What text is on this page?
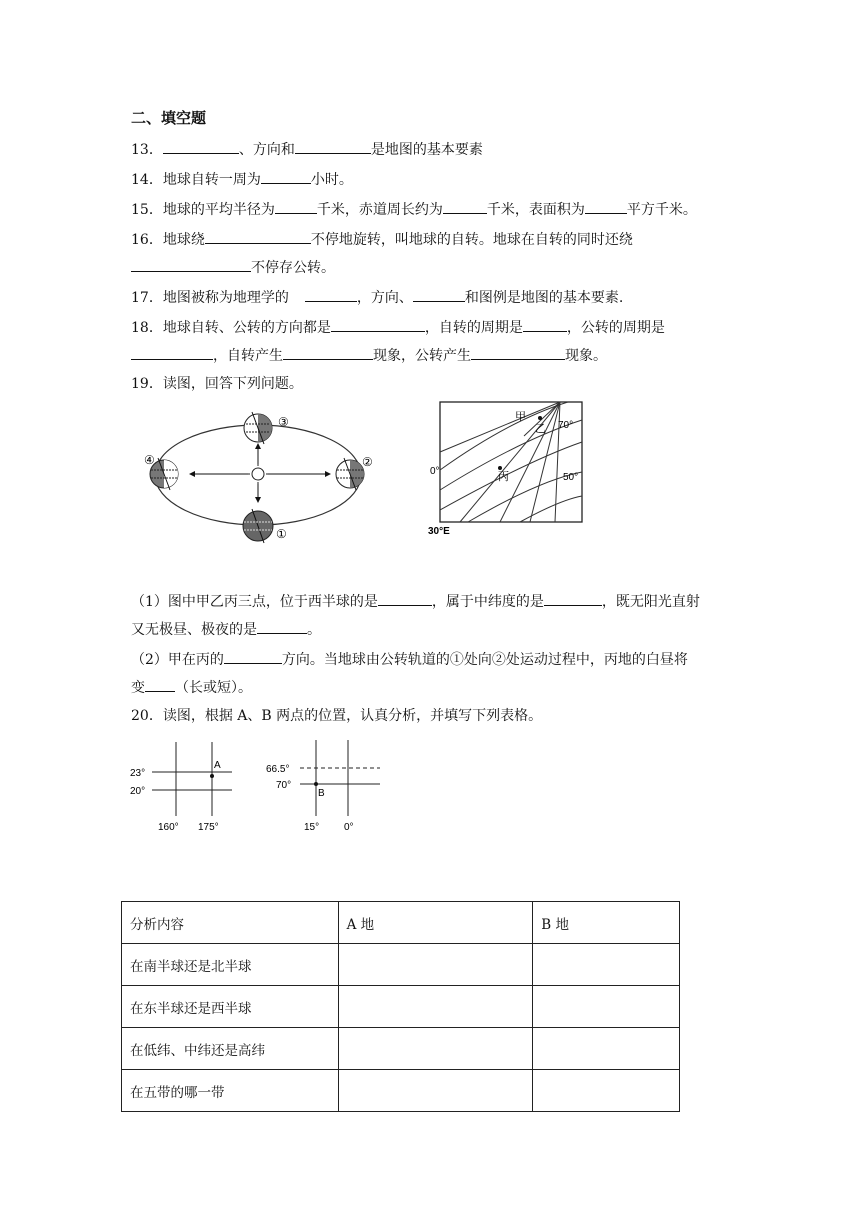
二、填空题
13．	、方向和	是地图的基本要素
14．地球自转一周为	小时。
15．地球的平均半径为	千米，赤道周长约为	千米，表面积为	平方千米。
16．地球绕	不停地旋转，叫地球的自转。地球在自转的同时还绕
不停存公转。
17．地图被称为地理学的	，方向、	和图例是地图的基本要素.
18．地球自转、公转的方向都是	，自转的周期是	，公转的周期是
，自转产生	现象，公转产生	现象。
19．读图，回答下列问题。
③
①
④	②
甲
乙
丙
70°
50°
0°
30°E
（1）图中甲乙丙三点，位于西半球的是	，属于中纬度的是	，既无阳光直射
又无极昼、极夜的是	。
（2）甲在丙的	方向。当地球由公转轨道的①处向②处运动过程中，丙地的白昼将
变 （长或短）。
20．读图，根据 A、B 两点的位置，认真分析，并填写下列表格。
A
23°
20°
160° 175°
B
66.5°
70°
15° 0°
分析内容	A 地	B 地
在南半球还是北半球		
在东半球还是西半球		
在低纬、中纬还是高纬		
在五带的哪一带		
